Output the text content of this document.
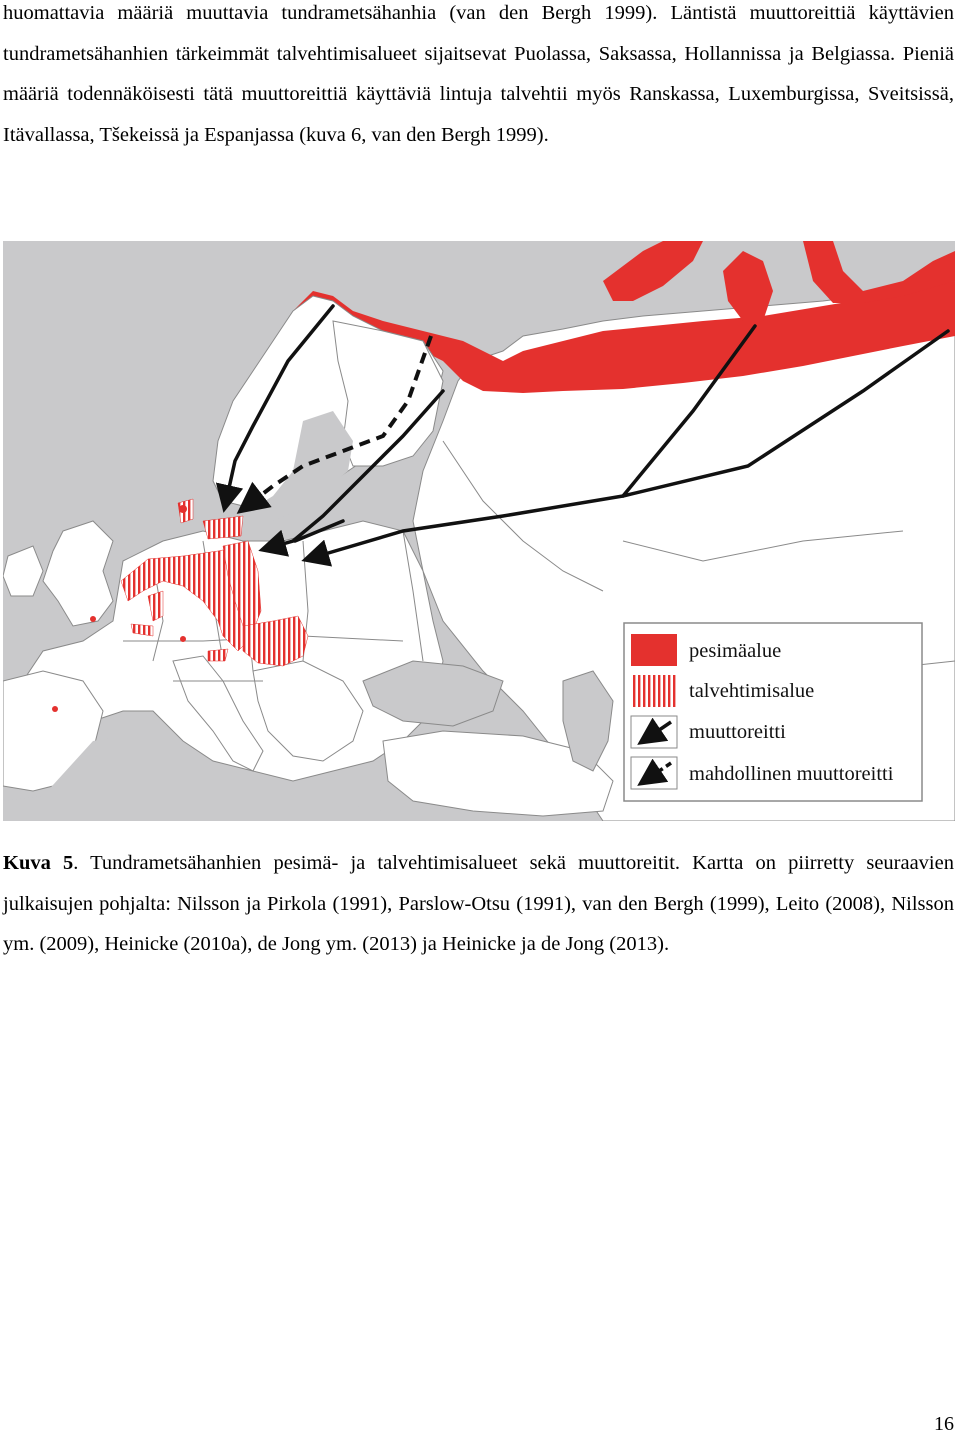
huomattavia määriä muuttavia tundrametsähanhia (van den Bergh 1999). Läntistä muuttoreittiä käyttävien tundrametsähanhien tärkeimmät talvehtimisalueet sijaitsevat Puolassa, Saksassa, Hollannissa ja Belgiassa. Pieniä määriä todennäköisesti tätä muuttoreittiä käyttäviä lintuja talvehtii myös Ranskassa, Luxemburgissa, Sveitsissä, Itävallassa, Tšekeissä ja Espanjassa (kuva 6, van den Bergh 1999).

pesimäalue
talvehtimisalue
muuttoreitti
mahdollinen muuttoreitti

Kuva 5. Tundrametsähanhien pesimä- ja talvehtimisalueet sekä muuttoreitit. Kartta on piirretty seuraavien julkaisujen pohjalta: Nilsson ja Pirkola (1991), Parslow-Otsu (1991), van den Bergh (1999), Leito (2008), Nilsson ym. (2009), Heinicke (2010a), de Jong ym. (2013) ja Heinicke ja de Jong (2013).

16
